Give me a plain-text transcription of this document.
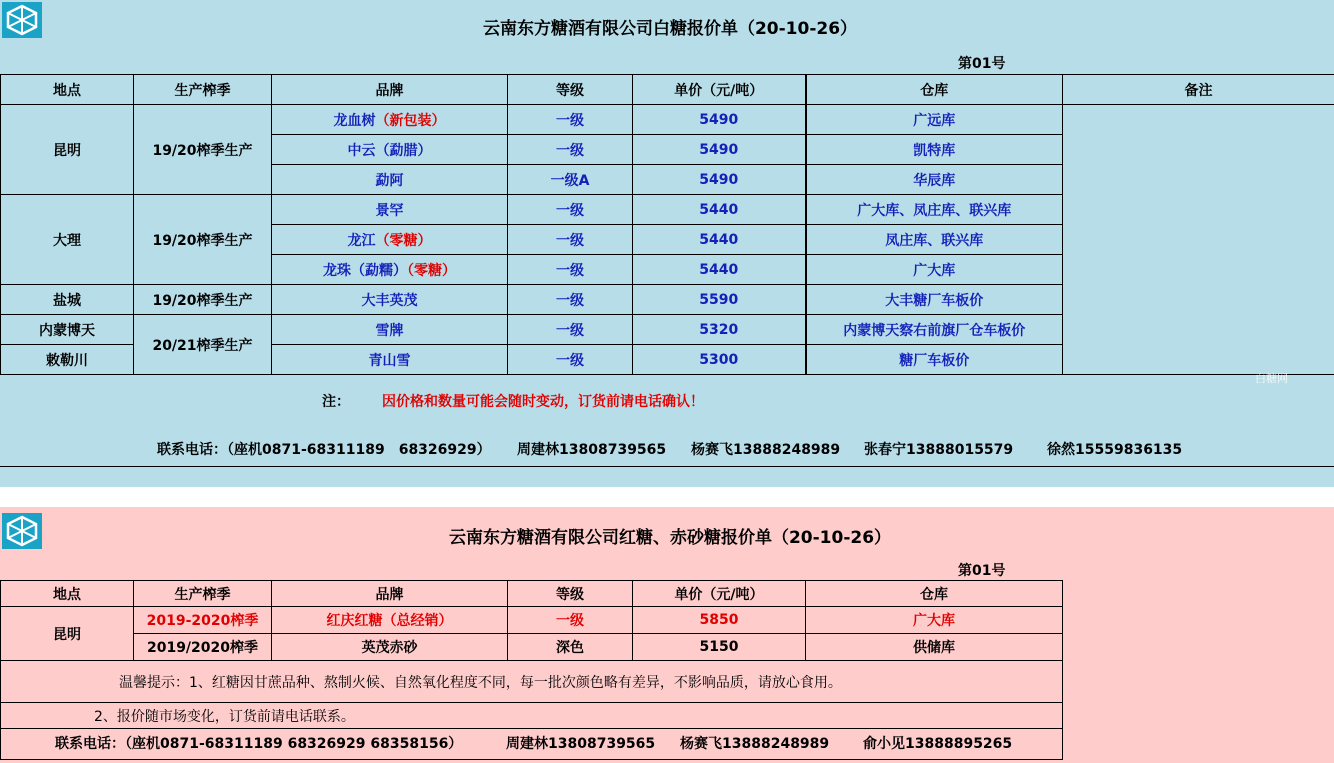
云南东方糖酒有限公司白糖报价单（20-10-26）
第01号
地点	生产榨季	品牌	等级	单价（元/吨）	仓库	备注
昆明	19/20榨季生产	龙血树（新包装）	一级	5490	广远库	
		中云（勐腊）	一级	5490	凯特库	
		勐阿	一级A	5490	华辰库	
大理	19/20榨季生产	景罕	一级	5440	广大库、凤庄库、联兴库	
		龙江（零糖）	一级	5440	凤庄库、联兴库	
		龙珠（勐糯）（零糖）	一级	5440	广大库	
盐城	19/20榨季生产	大丰英茂	一级	5590	大丰糖厂车板价	
内蒙博天	20/21榨季生产	雪牌	一级	5320	内蒙博天察右前旗厂仓车板价	
敕勒川		青山雪	一级	5300	糖厂车板价	
注： 因价格和数量可能会随时变动，订货前请电话确认！
白糖网
联系电话：（座机0871-68311189　68326929） 周建林13808739565 杨赛飞13888248989 张春宁13888015579 徐然15559836135
云南东方糖酒有限公司红糖、赤砂糖报价单（20-10-26）
第01号
地点	生产榨季	品牌	等级	单价（元/吨）	仓库
昆明	2019-2020榨季	红庆红糖（总经销）	一级	5850	广大库
	2019/2020榨季	英茂赤砂	深色	5150	供储库
温馨提示：1、红糖因甘蔗品种、熬制火候、自然氧化程度不同，每一批次颜色略有差异，不影响品质，请放心食用。					
2、报价随市场变化，订货前请电话联系。					

联系电话：（座机0871-68311189 68326929 68358156） 周建林13808739565 杨赛飞13888248989 俞小见13888895265					
